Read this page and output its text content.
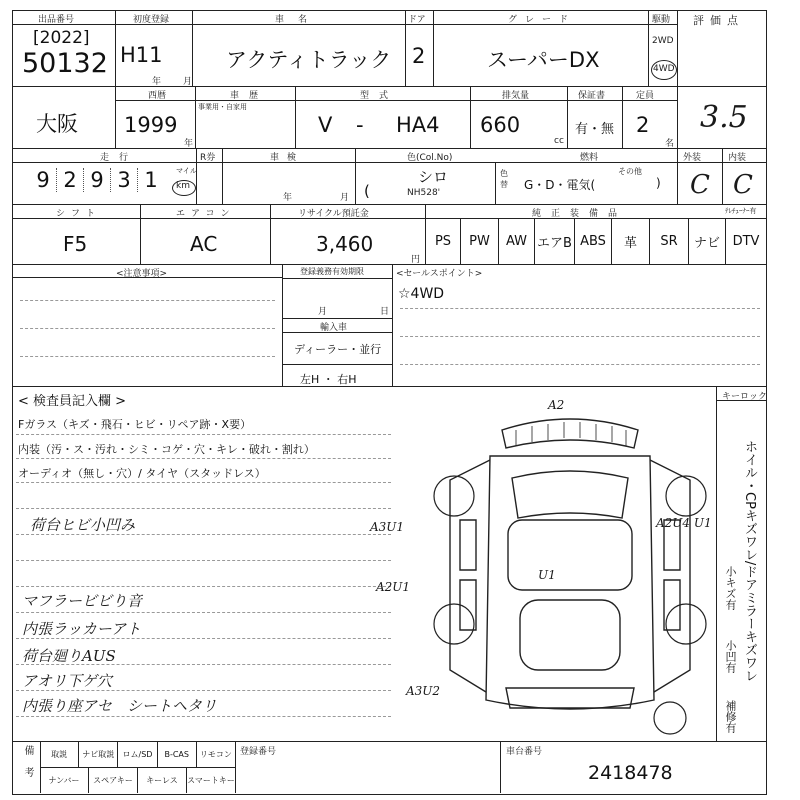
出品番号
[2022]
50132
初度登録
H11
年 月
車名
アクティトラック
ドア
2
グレード
スーパーDX
駆動
2WD
4WD
評価点
3.5
大阪
西暦
1999
年
車歴
事業用・自家用
型式
V - HA4
排気量
660
cc
保証書
有・無
定員
2
名
走行
9 2 9 3 1	マイル
km
R券	車検
年	月
色(Col.No)
(
シロ
NH528'
色替
燃料
G・D・電気(
その他
)
外装
C
内装
C
ﾃﾚﾁｭｰﾅｰ有
シフト
F5
エアコン
AC
リサイクル預託金
3,460
円
純正装備品
PS	PW	AW エアB ABS	革	SR	ナビ DTV
<注意事項>	登録義務有効期限
月	日
輸入車
ディーラー・並行
左H ・ 右H
<セールスポイント>
☆4WD
< 検査員記入欄 >
Fガラス（キズ・飛石・ヒビ・リペア跡・X要）
内装（汚・ス・汚れ・シミ・コゲ・穴・キレ・破れ・割れ）
オーディオ（無し・穴）/ タイヤ（スタッドレス）
荷台ヒビ小凹み
マフラービビり音
内張ラッカーアト
荷台廻りAUS
アオリ下ゲ穴
内張り座アセ　シートヘタリ
A2
A3U1
A2U1
A2U4 U1
U1
A3U2
キーロック
ホイル・CPキズワレ/ドアミラーキズワレ
小キズ有
小凹有
補修有
備考	取説	ナビ取説	ロム/SD	B-CAS	リモコン
ナンバー	スペアキー	キーレス	スマートキー
登録番号	車台番号
2418478
